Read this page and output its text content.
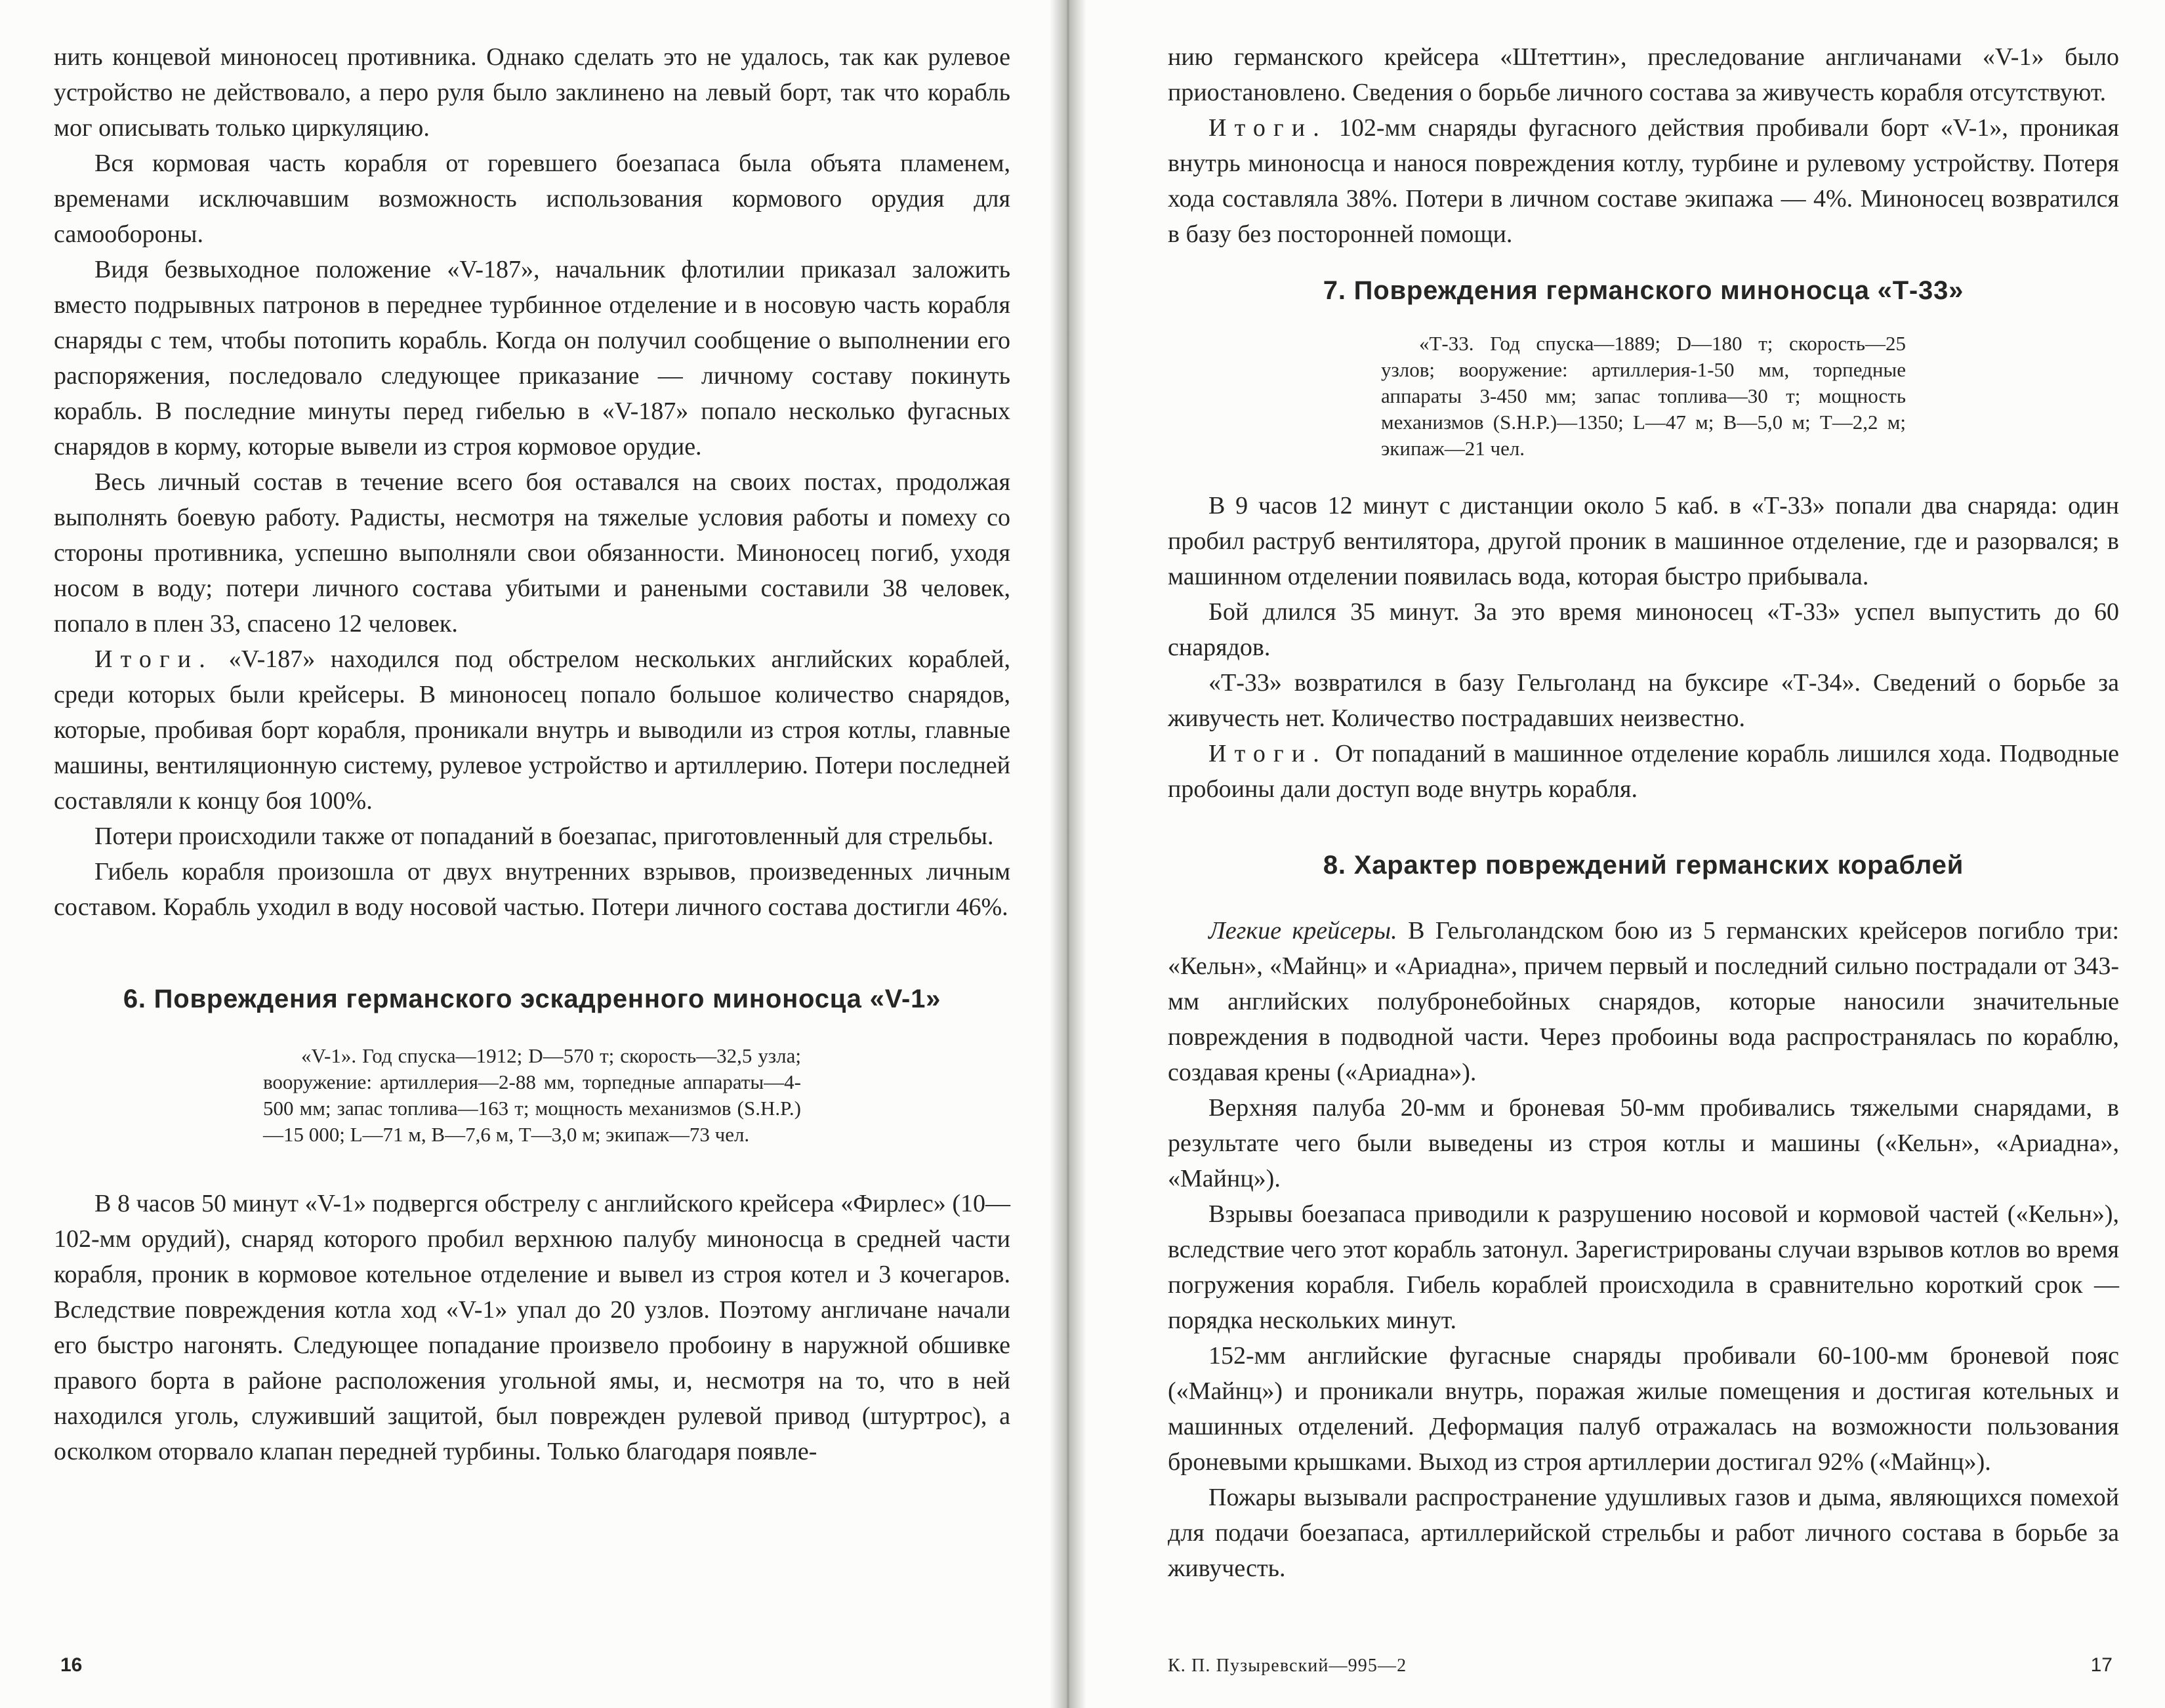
нить концевой миноносец противника. Однако сделать это не удалось, так как рулевое устройство не действовало, а перо руля было заклинено на левый борт, так что корабль мог описывать только циркуляцию.

Вся кормовая часть корабля от горевшего боезапаса была объята пламенем, временами исключавшим возможность использования кормового орудия для самообороны.

Видя безвыходное положение «V-187», начальник флотилии приказал заложить вместо подрывных патронов в переднее турбинное отделение и в носовую часть корабля снаряды с тем, чтобы потопить корабль. Когда он получил сообщение о выполнении его распоряжения, последовало следующее приказание — личному составу покинуть корабль. В последние минуты перед гибелью в «V-187» попало несколько фугасных снарядов в корму, которые вывели из строя кормовое орудие.

Весь личный состав в течение всего боя оставался на своих постах, продолжая выполнять боевую работу. Радисты, несмотря на тяжелые условия работы и помеху со стороны противника, успешно выполняли свои обязанности. Миноносец погиб, уходя носом в воду; потери личного состава убитыми и ранеными составили 38 человек, попало в плен 33, спасено 12 человек.

Итоги. «V-187» находился под обстрелом нескольких английских кораблей, среди которых были крейсеры. В миноносец попало большое количество снарядов, которые, пробивая борт корабля, проникали внутрь и выводили из строя котлы, главные машины, вентиляционную систему, рулевое устройство и артиллерию. Потери последней составляли к концу боя 100%.

Потери происходили также от попаданий в боезапас, приготовленный для стрельбы.

Гибель корабля произошла от двух внутренних взрывов, произведенных личным составом. Корабль уходил в воду носовой частью. Потери личного состава достигли 46%.

6. Повреждения германского эскадренного миноносца «V-1»
«V-1». Год спуска—1912; D—570 т; скорость—32,5 узла; вооружение: артиллерия—2-88 мм, торпедные аппараты—4-500 мм; запас топлива—163 т; мощность механизмов (S.H.P.)—15 000; L—71 м, B—7,6 м, T—3,0 м; экипаж—73 чел.

В 8 часов 50 минут «V-1» подвергся обстрелу с английского крейсера «Фирлес» (10—102-мм орудий), снаряд которого пробил верхнюю палубу миноносца в средней части корабля, проник в кормовое котельное отделение и вывел из строя котел и 3 кочегаров. Вследствие повреждения котла ход «V-1» упал до 20 узлов. Поэтому англичане начали его быстро нагонять. Следующее попадание произвело пробоину в наружной обшивке правого борта в районе расположения угольной ямы, и, несмотря на то, что в ней находился уголь, служивший защитой, был поврежден рулевой привод (штуртрос), а осколком оторвало клапан передней турбины. Только благодаря появле-

16

нию германского крейсера «Штеттин», преследование англичанами «V-1» было приостановлено. Сведения о борьбе личного состава за живучесть корабля отсутствуют.

Итоги. 102-мм снаряды фугасного действия пробивали борт «V-1», проникая внутрь миноносца и нанося повреждения котлу, турбине и рулевому устройству. Потеря хода составляла 38%. Потери в личном составе экипажа — 4%. Миноносец возвратился в базу без посторонней помощи.

7. Повреждения германского миноносца «Т-33»
«Т-33. Год спуска—1889; D—180 т; скорость—25 узлов; вооружение: артиллерия-1-50 мм, торпедные аппараты 3-450 мм; запас топлива—30 т; мощность механизмов (S.H.P.)—1350; L—47 м; B—5,0 м; Т—2,2 м; экипаж—21 чел.

В 9 часов 12 минут с дистанции около 5 каб. в «Т-33» попали два снаряда: один пробил раструб вентилятора, другой проник в машинное отделение, где и разорвался; в машинном отделении появилась вода, которая быстро прибывала.

Бой длился 35 минут. За это время миноносец «Т-33» успел выпустить до 60 снарядов.

«Т-33» возвратился в базу Гельголанд на буксире «Т-34». Сведений о борьбе за живучесть нет. Количество пострадавших неизвестно.

Итоги. От попаданий в машинное отделение корабль лишился хода. Подводные пробоины дали доступ воде внутрь корабля.

8. Характер повреждений германских кораблей

Легкие крейсеры. В Гельголандском бою из 5 германских крейсеров погибло три: «Кельн», «Майнц» и «Ариадна», причем первый и последний сильно пострадали от 343-мм английских полубронебойных снарядов, которые наносили значительные повреждения в подводной части. Через пробоины вода распространялась по кораблю, создавая крены («Ариадна»).

Верхняя палуба 20-мм и броневая 50-мм пробивались тяжелыми снарядами, в результате чего были выведены из строя котлы и машины («Кельн», «Ариадна», «Майнц»).

Взрывы боезапаса приводили к разрушению носовой и кормовой частей («Кельн»), вследствие чего этот корабль затонул. Зарегистрированы случаи взрывов котлов во время погружения корабля. Гибель кораблей происходила в сравнительно короткий срок — порядка нескольких минут.

152-мм английские фугасные снаряды пробивали 60-100-мм броневой пояс («Майнц») и проникали внутрь, поражая жилые помещения и достигая котельных и машинных отделений. Деформация палуб отражалась на возможности пользования броневыми крышками. Выход из строя артиллерии достигал 92% («Майнц»).

Пожары вызывали распространение удушливых газов и дыма, являющихся помехой для подачи боезапаса, артиллерийской стрельбы и работ личного состава в борьбе за живучесть.

К. П. Пузыревский—995—2	17
